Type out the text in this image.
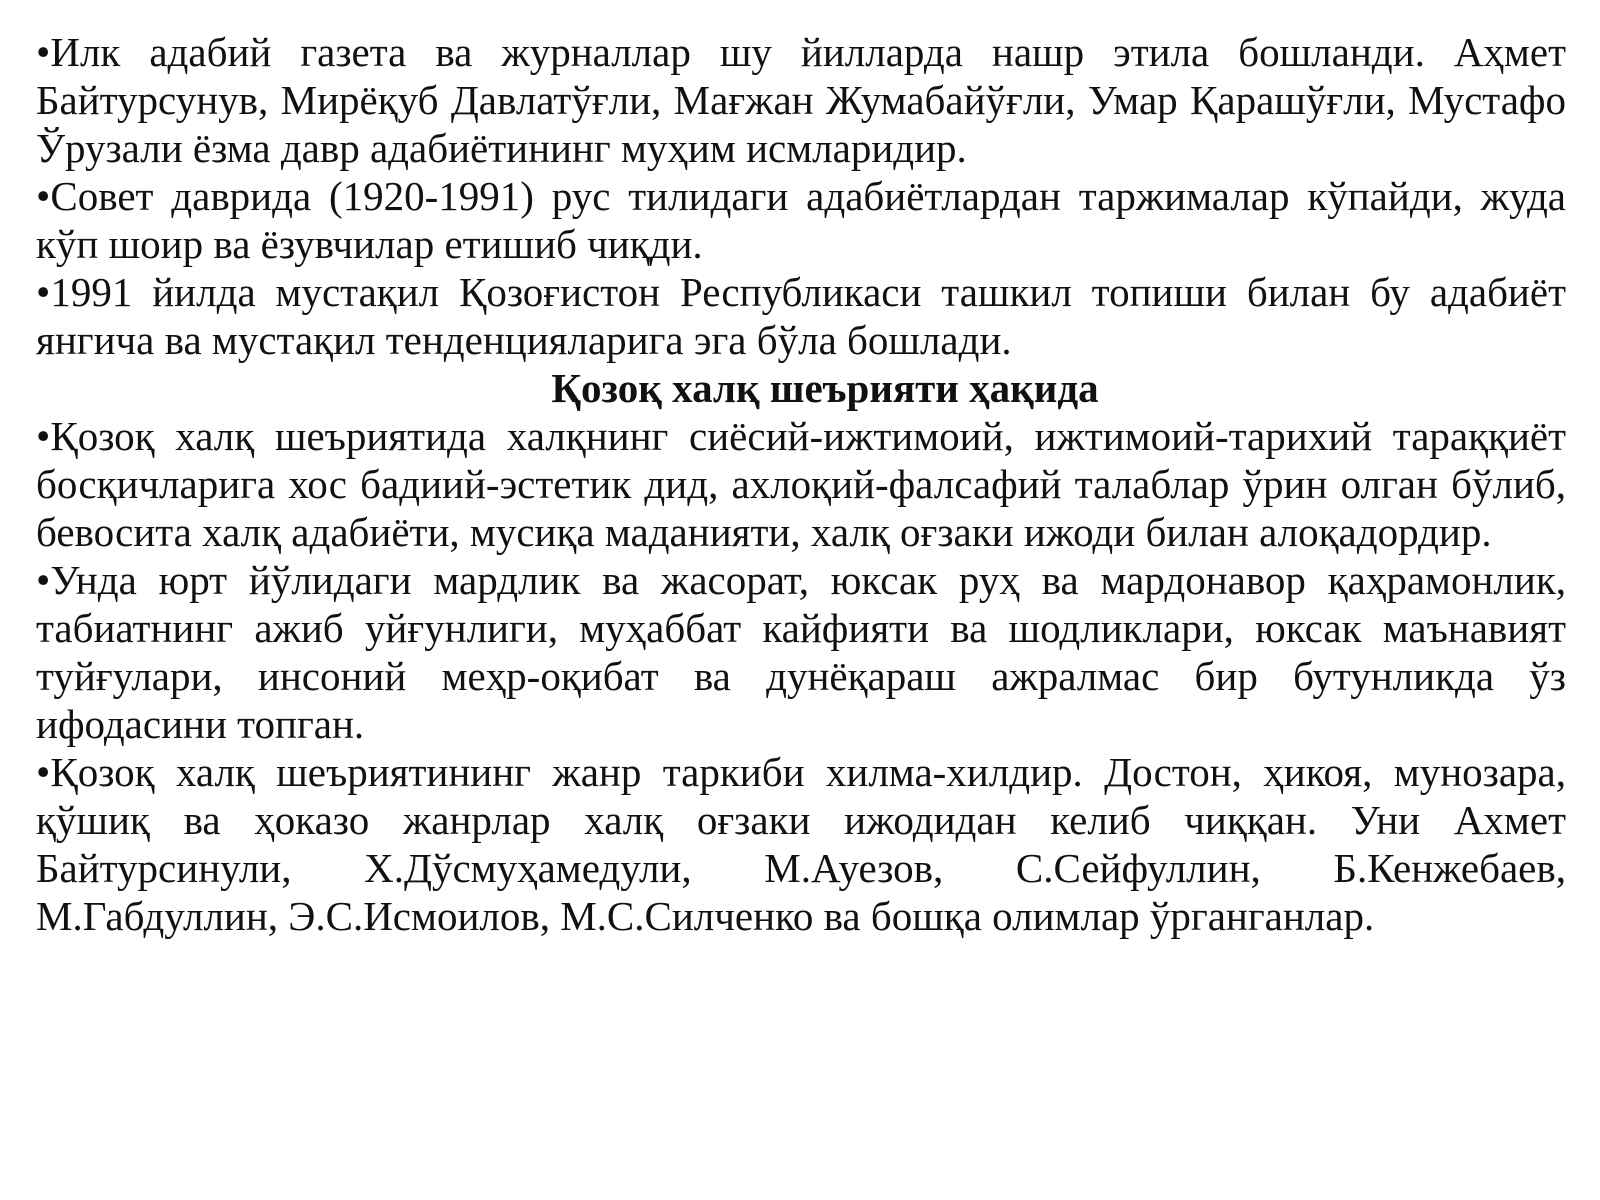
•Илк адабий газета ва журналлар шу йилларда нашр этила бошланди. Аҳмет Байтурсунув, Мирёқуб Давлатўғли, Мағжан Жумабайўғли, Умар Қарашўғли, Мустафо Ўрузали ёзма давр адабиётининг муҳим исмларидир.

•Совет даврида (1920-1991) рус тилидаги адабиётлардан таржималар кўпайди, жуда кўп шоир ва ёзувчилар етишиб чиқди.

•1991 йилда мустақил Қозоғистон Республикаси ташкил топиши билан бу адабиёт янгича ва мустақил тенденцияларига эга бўла бошлади.

Қозоқ халқ шеърияти ҳақида

•Қозоқ халқ шеъриятида халқнинг сиёсий-ижтимоий, ижтимоий-тарихий тараққиёт босқичларига хос бадиий-эстетик дид, ахлоқий-фалсафий талаблар ўрин олган бўлиб, бевосита халқ адабиёти, мусиқа маданияти, халқ оғзаки ижоди билан алоқадордир.

•Унда юрт йўлидаги мардлик ва жасорат, юксак руҳ ва мардонавор қаҳрамонлик, табиатнинг ажиб уйғунлиги, муҳаббат кайфияти ва шодликлари, юксак маънавият туйғулари, инсоний меҳр-оқибат ва дунёқараш ажралмас бир бутунликда ўз ифодасини топган.

•Қозоқ халқ шеъриятининг жанр таркиби хилма-хилдир. Достон, ҳикоя, мунозара, қўшиқ ва ҳоказо жанрлар халқ оғзаки ижодидан келиб чиққан. Уни Ахмет Байтурсинули, Х.Дўсмуҳамедули, М.Ауезов, С.Сейфуллин, Б.Кенжебаев, М.Габдуллин, Э.С.Исмоилов, М.С.Силченко ва бошқа олимлар ўрганганлар.
